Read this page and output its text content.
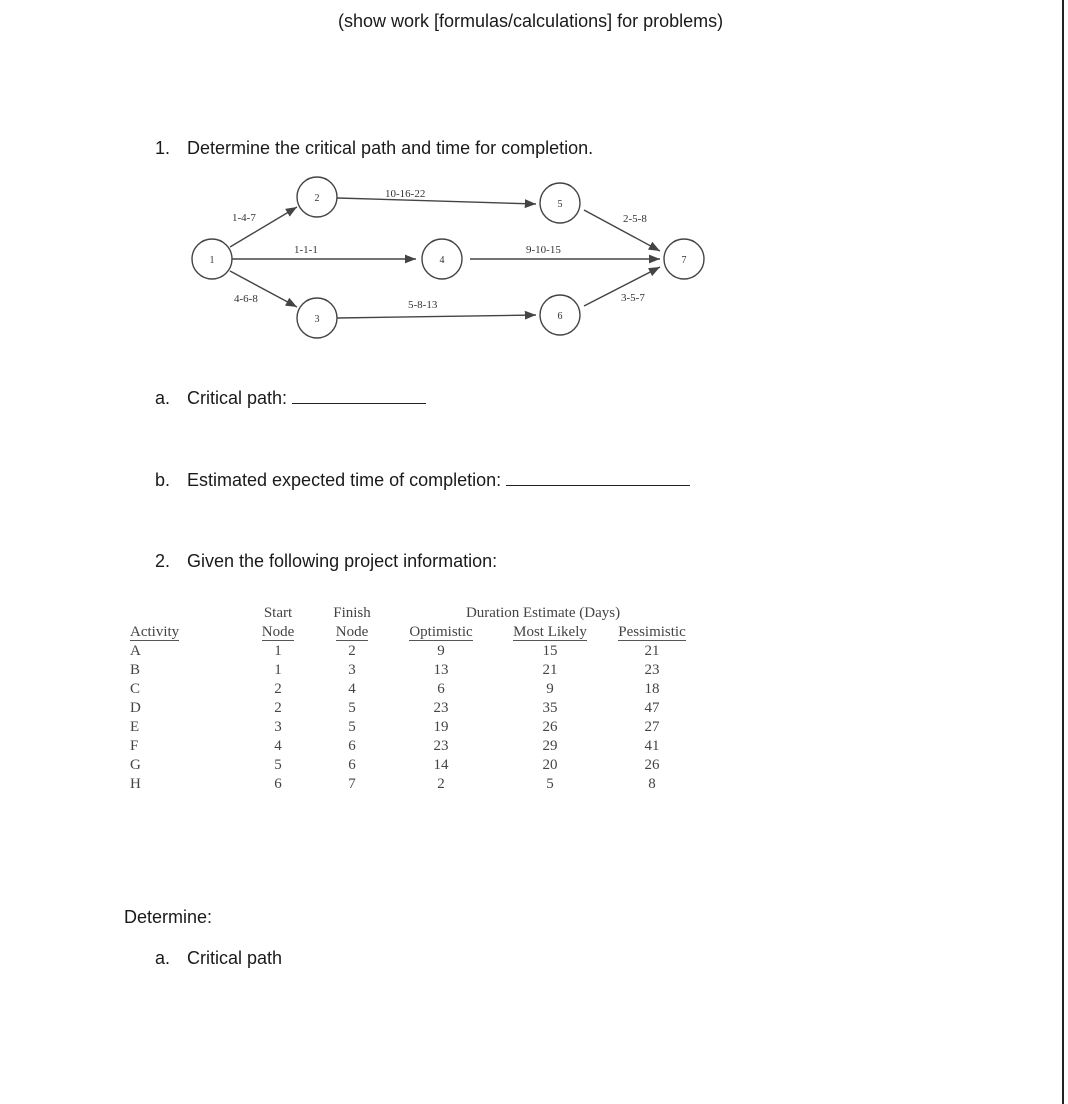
(show work [formulas/calculations] for problems)
1. Determine the critical path and time for completion.
1
2
3
4
5
6
7
1-4-7
1-1-1
4-6-8
10-16-22
9-10-15
5-8-13
2-5-8
3-5-7
a. Critical path:
b. Estimated expected time of completion:
2. Given the following project information:
	Start	Finish	Duration Estimate (Days)		
Activity	Node	Node	Optimistic	Most Likely	Pessimistic
A	1	2	9	15	21
B	1	3	13	21	23
C	2	4	6	9	18
D	2	5	23	35	47
E	3	5	19	26	27
F	4	6	23	29	41
G	5	6	14	20	26
H	6	7	2	5	8
Determine:
a. Critical path
